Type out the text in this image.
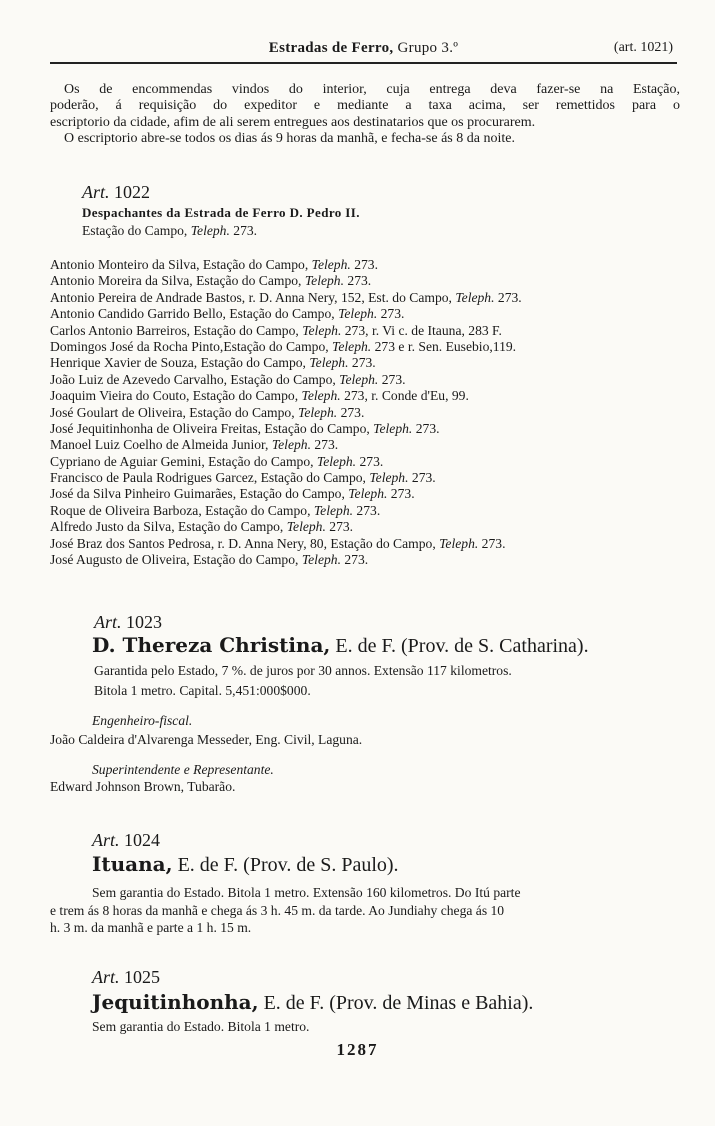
Estradas de Ferro, Grupo 3.º	(art. 1021)

Os de encommendas vindos do interior, cuja entrega deva fazer-se na Estação,

poderão, á requisição do expeditor e mediante a taxa acima, ser remettidos para o

escriptorio da cidade, afim de ali serem entregues aos destinatarios que os procurarem.

O escriptorio abre-se todos os dias ás 9 horas da manhã, e fecha-se ás 8 da noite.

Art. 1022
Despachantes da Estrada de Ferro D. Pedro II.
Estação do Campo, Teleph. 273.
Antonio Monteiro da Silva, Estação do Campo, Teleph. 273.
Antonio Moreira da Silva, Estação do Campo, Teleph. 273.
Antonio Pereira de Andrade Bastos, r. D. Anna Nery, 152, Est. do Campo, Teleph. 273.
Antonio Candido Garrido Bello, Estação do Campo, Teleph. 273.
Carlos Antonio Barreiros, Estação do Campo, Teleph. 273, r. Vi c. de Itauna, 283 F.
Domingos José da Rocha Pinto,Estação do Campo, Teleph. 273 e r. Sen. Eusebio,119.
Henrique Xavier de Souza, Estação do Campo, Teleph. 273.
João Luiz de Azevedo Carvalho, Estação do Campo, Teleph. 273.
Joaquim Vieira do Couto, Estação do Campo, Teleph. 273, r. Conde d'Eu, 99.
José Goulart de Oliveira, Estação do Campo, Teleph. 273.
José Jequitinhonha de Oliveira Freitas, Estação do Campo, Teleph. 273.
Manoel Luiz Coelho de Almeida Junior, Teleph. 273.
Cypriano de Aguiar Gemini, Estação do Campo, Teleph. 273.
Francisco de Paula Rodrigues Garcez, Estação do Campo, Teleph. 273.
José da Silva Pinheiro Guimarães, Estação do Campo, Teleph. 273.
Roque de Oliveira Barboza, Estação do Campo, Teleph. 273.
Alfredo Justo da Silva, Estação do Campo, Teleph. 273.
José Braz dos Santos Pedrosa, r. D. Anna Nery, 80, Estação do Campo, Teleph. 273.
José Augusto de Oliveira, Estação do Campo, Teleph. 273.
Art. 1023
D. Thereza Christina, E. de F. (Prov. de S. Catharina).
Garantida pelo Estado, 7 %. de juros por 30 annos. Extensão 117 kilometros.
Bitola 1 metro. Capital. 5,451:000$000.
Engenheiro-fiscal.
João Caldeira d'Alvarenga Messeder, Eng. Civil, Laguna.
Superintendente e Representante.
Edward Johnson Brown, Tubarão.
Art. 1024
Ituana, E. de F. (Prov. de S. Paulo).
Sem garantia do Estado. Bitola 1 metro. Extensão 160 kilometros. Do Itú parte
e trem ás 8 horas da manhã e chega ás 3 h. 45 m. da tarde. Ao Jundiahy chega ás 10
h. 3 m. da manhã e parte a 1 h. 15 m.
Art. 1025
Jequitinhonha, E. de F. (Prov. de Minas e Bahia).
Sem garantia do Estado. Bitola 1 metro.
1287
